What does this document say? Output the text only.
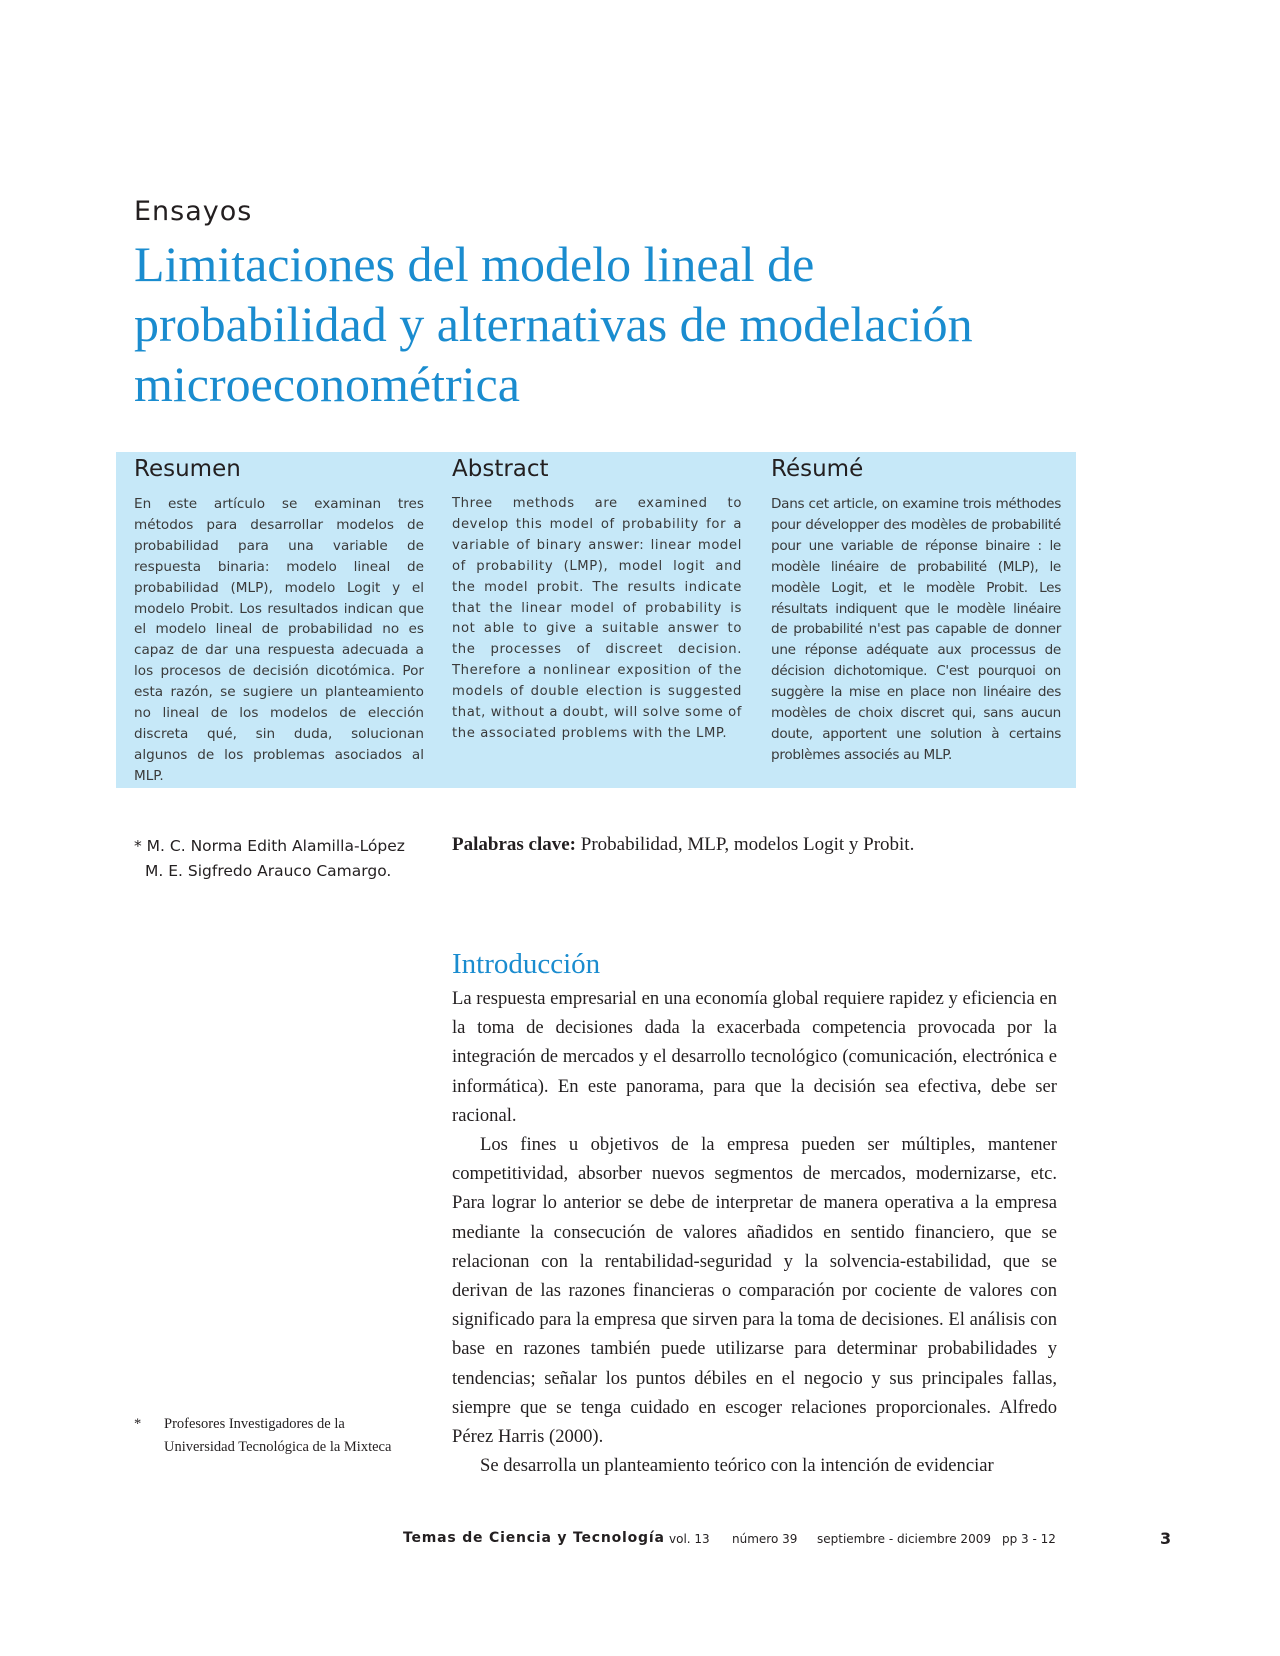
Ensayos
Limitaciones del modelo lineal de
probabilidad y alternativas de modelación
microeconométrica
Resumen

En este artículo se examinan tres métodos para desarrollar modelos de probabilidad para una variable de respuesta binaria: modelo lineal de probabilidad (MLP), modelo Logit y el modelo Probit. Los resultados indican que el modelo lineal de probabilidad no es capaz de dar una respuesta adecuada a los procesos de decisión dicotómica. Por esta razón, se sugiere un planteamiento no lineal de los modelos de elección discreta qué, sin duda, solucionan algunos de los problemas asociados al MLP.

Abstract

Three methods are examined to develop this model of probability for a variable of binary answer: linear model of probability (LMP), model logit and the model probit. The results indicate that the linear model of probability is not able to give a suitable answer to the processes of discreet decision. Therefore a nonlinear exposition of the models of double election is suggested that, without a doubt, will solve some of the associated problems with the LMP.

Résumé

Dans cet article, on examine trois méthodes pour développer des modèles de probabilité pour une variable de réponse binaire : le modèle linéaire de probabilité (MLP), le modèle Logit, et le modèle Probit. Les résultats indiquent que le modèle linéaire de probabilité n'est pas capable de donner une réponse adéquate aux processus de décision dichotomique. C'est pourquoi on suggère la mise en place non linéaire des modèles de choix discret qui, sans aucun doute, apportent une solution à certains problèmes associés au MLP.

* M. C. Norma Edith Alamilla-López
M. E. Sigfredo Arauco Camargo.
Palabras clave: Probabilidad, MLP, modelos Logit y Probit.
Introducción

La respuesta empresarial en una economía global requiere rapidez y eficiencia en la toma de decisiones dada la exacerbada competencia provocada por la integración de mercados y el desarrollo tecnológico (comunicación, electrónica e informática). En este panorama, para que la decisión sea efectiva, debe ser racional.

Los fines u objetivos de la empresa pueden ser múltiples, mantener competitividad, absorber nuevos segmentos de mercados, modernizarse, etc. Para lograr lo anterior se debe de interpretar de manera operativa a la empresa mediante la consecución de valores añadidos en sentido financiero, que se relacionan con la rentabilidad-seguridad y la solvencia-estabilidad, que se derivan de las razones financieras o comparación por cociente de valores con significado para la empresa que sirven para la toma de decisiones. El análisis con base en razones también puede utilizarse para determinar probabilidades y tendencias; señalar los puntos débiles en el negocio y sus principales fallas, siempre que se tenga cuidado en escoger relaciones proporcionales. Alfredo Pérez Harris (2000).

Se desarrolla un planteamiento teórico con la intención de evidenciar

* Profesores Investigadores de la Universidad Tecnológica de la Mixteca
Temas de Ciencia y Tecnología vol. 13 número 39 septiembre - diciembre 2009 pp 3 - 12	3
